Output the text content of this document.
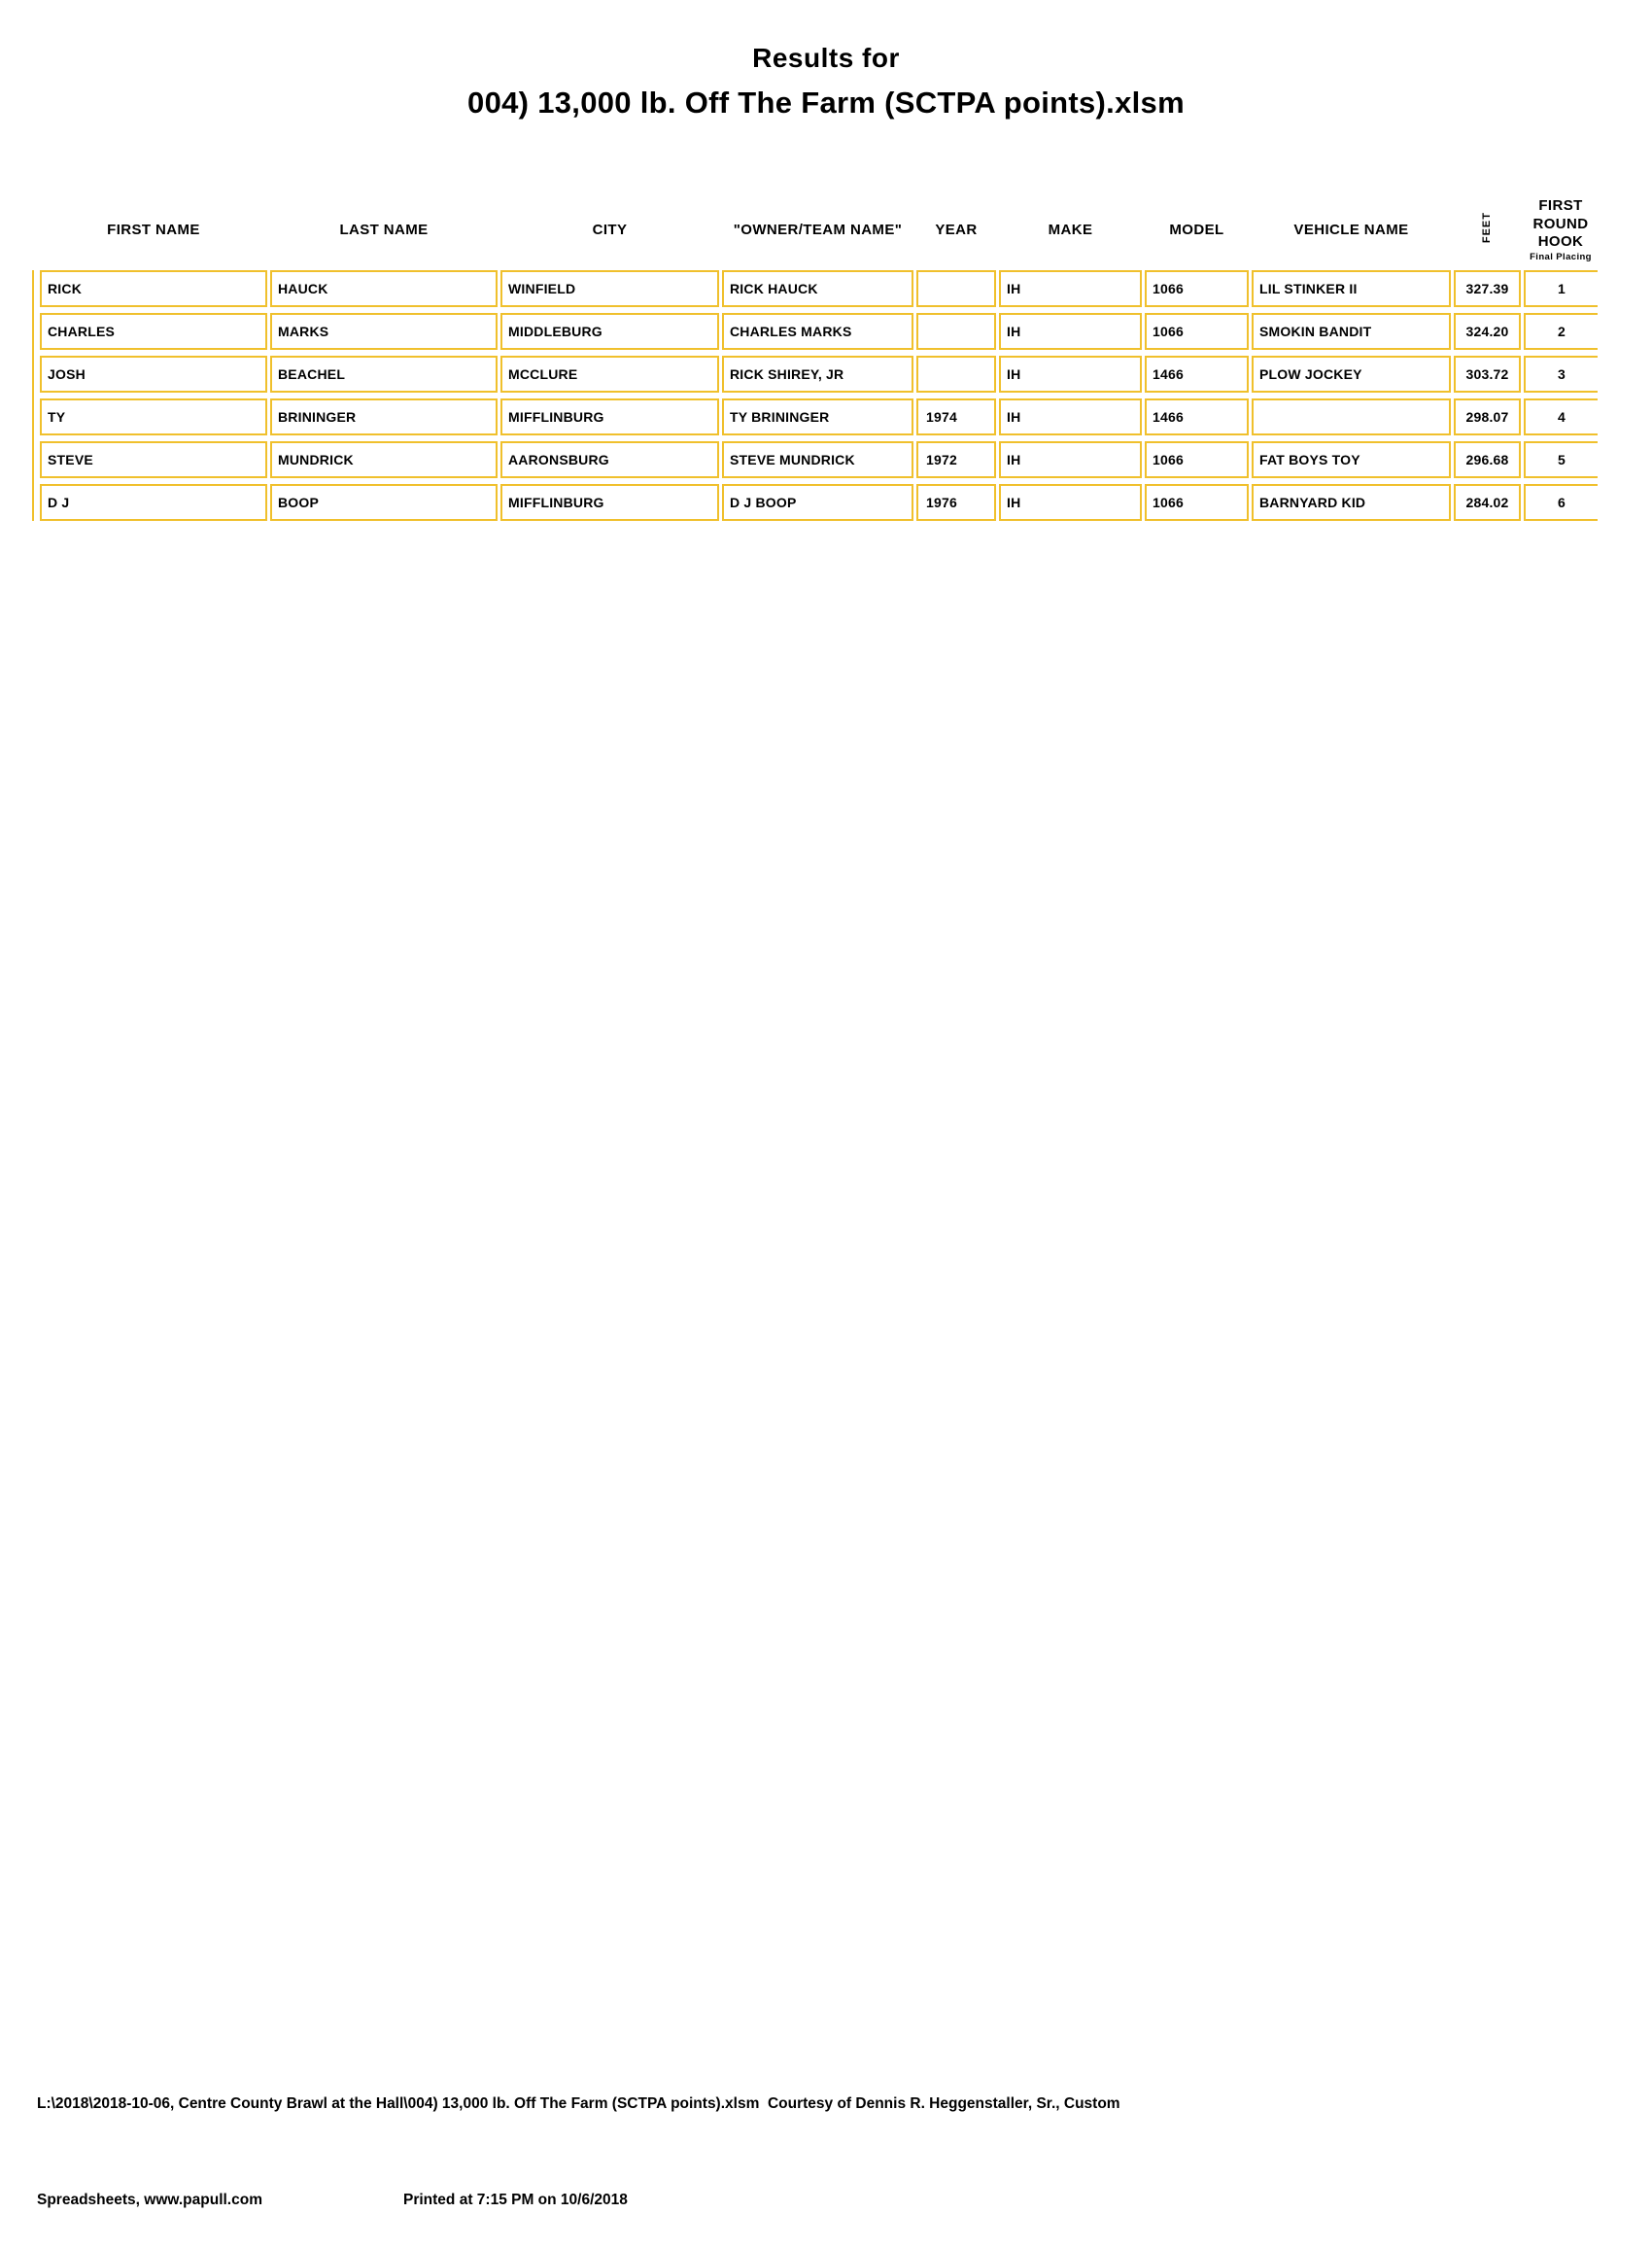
Results for
004) 13,000 lb. Off The Farm (SCTPA points).xlsm
FIRST NAME	LAST NAME	CITY	"OWNER/TEAM NAME"	YEAR	MAKE	MODEL	VEHICLE NAME	FEET	FIRST ROUND
HOOK
Final Placing

RICK	HAUCK	WINFIELD	RICK HAUCK		IH	1066	LIL STINKER II	327.39	1
CHARLES	MARKS	MIDDLEBURG	CHARLES MARKS		IH	1066	SMOKIN BANDIT	324.20	2
JOSH	BEACHEL	MCCLURE	RICK SHIREY, JR		IH	1466	PLOW JOCKEY	303.72	3
TY	BRININGER	MIFFLINBURG	TY BRININGER	1974	IH	1466		298.07	4
STEVE	MUNDRICK	AARONSBURG	STEVE MUNDRICK	1972	IH	1066	FAT BOYS TOY	296.68	5
D J	BOOP	MIFFLINBURG	D J BOOP	1976	IH	1066	BARNYARD KID	284.02	6

L:\2018\2018-10-06, Centre County Brawl at the Hall\004) 13,000 lb. Off The Farm (SCTPA points).xlsm  Courtesy of Dennis R. Heggenstaller, Sr., Custom

Spreadsheets, www.papull.com	Printed at 7:15 PM on 10/6/2018
